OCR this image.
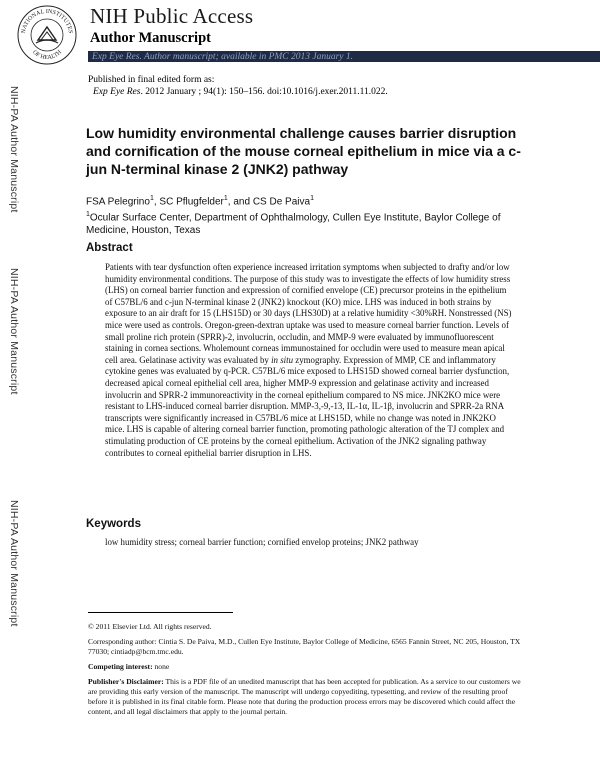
NATIONAL INSTITUTES
OF HEALTH
NIH Public Access
Author Manuscript
Exp Eye Res. Author manuscript; available in PMC 2013 January 1.
NIH-PA Author Manuscript
NIH-PA Author Manuscript
NIH-PA Author Manuscript
Published in final edited form as:
Exp Eye Res. 2012 January ; 94(1): 150–156. doi:10.1016/j.exer.2011.11.022.
Low humidity environmental challenge causes barrier disruption and cornification of the mouse corneal epithelium in mice via a c-jun N-terminal kinase 2 (JNK2) pathway
FSA Pelegrino$^1$, SC Pflugfelder$^1$, and CS De Paiva$^1$
$^1$Ocular Surface Center, Department of Ophthalmology, Cullen Eye Institute, Baylor College of Medicine, Houston, Texas
Abstract

Patients with tear dysfunction often experience increased irritation symptoms when subjected to drafty and/or low humidity environmental conditions. The purpose of this study was to investigate the effects of low humidity stress (LHS) on corneal barrier function and expression of cornified envelope (CE) precursor proteins in the epithelium of C57BL/6 and c-jun N-terminal kinase 2 (JNK2) knockout (KO) mice. LHS was induced in both strains by exposure to an air draft for 15 (LHS15D) or 30 days (LHS30D) at a relative humidity <30%RH. Nonstressed (NS) mice were used as controls. Oregon-green-dextran uptake was used to measure corneal barrier function. Levels of small proline rich protein (SPRR)-2, involucrin, occludin, and MMP-9 were evaluated by immunofluorescent staining in cornea sections. Wholemount corneas immunostained for occludin were used to measure mean apical cell area. Gelatinase activity was evaluated by in situ zymography. Expression of MMP, CE and inflammatory cytokine genes was evaluated by q-PCR. C57BL/6 mice exposed to LHS15D showed corneal barrier dysfunction, decreased apical corneal epithelial cell area, higher MMP-9 expression and gelatinase activity and increased involucrin and SPRR-2 immunoreactivity in the corneal epithelium compared to NS mice. JNK2KO mice were resistant to LHS-induced corneal barrier disruption. MMP-3,-9,-13, IL-1α, IL-1β, involucrin and SPRR-2a RNA transcripts were significantly increased in C57BL/6 mice at LHS15D, while no change was noted in JNK2KO mice. LHS is capable of altering corneal barrier function, promoting pathologic alteration of the TJ complex and stimulating production of CE proteins by the corneal epithelium. Activation of the JNK2 signaling pathway contributes to corneal epithelial barrier disruption in LHS.

Keywords
low humidity stress; corneal barrier function; cornified envelop proteins; JNK2 pathway

© 2011 Elsevier Ltd. All rights reserved.

Corresponding author: Cintia S. De Paiva, M.D., Cullen Eye Institute, Baylor College of Medicine, 6565 Fannin Street, NC 205, Houston, TX 77030; cintiadp@bcm.tmc.edu.

Competing interest: none

Publisher's Disclaimer: This is a PDF file of an unedited manuscript that has been accepted for publication. As a service to our customers we are providing this early version of the manuscript. The manuscript will undergo copyediting, typesetting, and review of the resulting proof before it is published in its final citable form. Please note that during the production process errors may be discovered which could affect the content, and all legal disclaimers that apply to the journal pertain.
